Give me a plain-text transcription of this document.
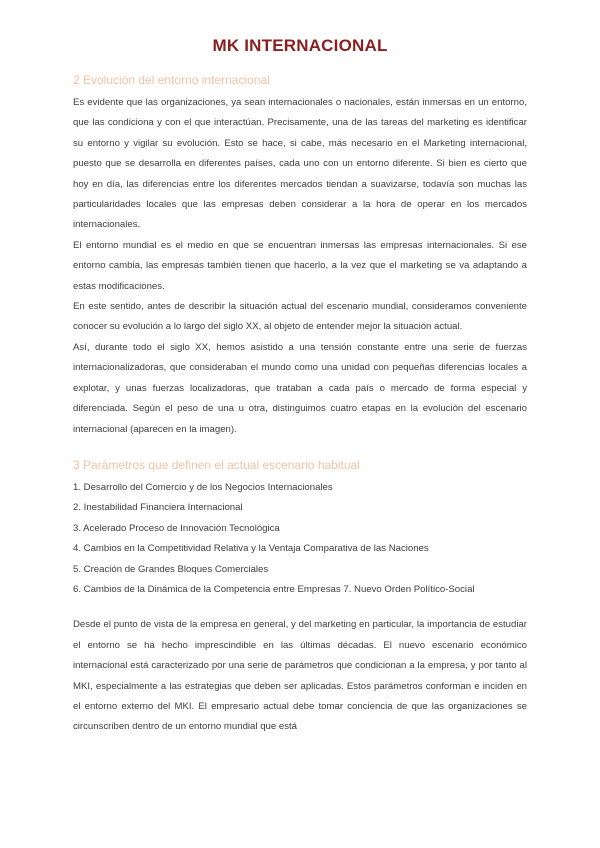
MK INTERNACIONAL
2 Evolución del entorno internacional

Es evidente que las organizaciones, ya sean internacionales o nacionales, están inmersas en un entorno, que las condiciona y con el que interactúan. Precisamente, una de las tareas del marketing es identificar su entorno y vigilar su evolución. Esto se hace, si cabe, más necesario en el Marketing internacional, puesto que se desarrolla en diferentes países, cada uno con un entorno diferente. Si bien es cierto que hoy en día, las diferencias entre los diferentes mercados tiendan a suavizarse, todavía son muchas las particularidades locales que las empresas deben considerar a la hora de operar en los mercados internacionales.

El entorno mundial es el medio en que se encuentran inmersas las empresas internacionales. Si ese entorno cambia, las empresas también tienen que hacerlo, a la vez que el marketing se va adaptando a estas modificaciones.

En este sentido, antes de describir la situación actual del escenario mundial, consideramos conveniente conocer su evolución a lo largo del siglo XX, al objeto de entender mejor la situación actual.

Así, durante todo el siglo XX, hemos asistido a una tensión constante entre una serie de fuerzas internacionalizadoras, que consideraban el mundo como una unidad con pequeñas diferencias locales a explotar, y unas fuerzas localizadoras, que trataban a cada país o mercado de forma especial y diferenciada. Según el peso de una u otra, distinguimos cuatro etapas en la evolución del escenario internacional (aparecen en la imagen).

3 Parámetros que definen el actual escenario habitual
1. Desarrollo del Comercio y de los Negocios Internacionales
2. Inestabilidad Financiera Internacional
3. Acelerado Proceso de Innovación Tecnológica
4. Cambios en la Competitividad Relativa y la Ventaja Comparativa de las Naciones
5. Creación de Grandes Bloques Comerciales
6. Cambios de la Dinámica de la Competencia entre Empresas 7. Nuevo Orden Político-Social

Desde el punto de vista de la empresa en general, y del marketing en particular, la importancia de estudiar el entorno se ha hecho imprescindible en las últimas décadas. El nuevo escenario económico internacional está caracterizado por una serie de parámetros que condicionan a la empresa, y por tanto al MKI, especialmente a las estrategias que deben ser aplicadas. Estos parámetros conforman e inciden en el entorno externo del MKI. El empresario actual debe tomar conciencia de que las organizaciones se circunscriben dentro de un entorno mundial que está
